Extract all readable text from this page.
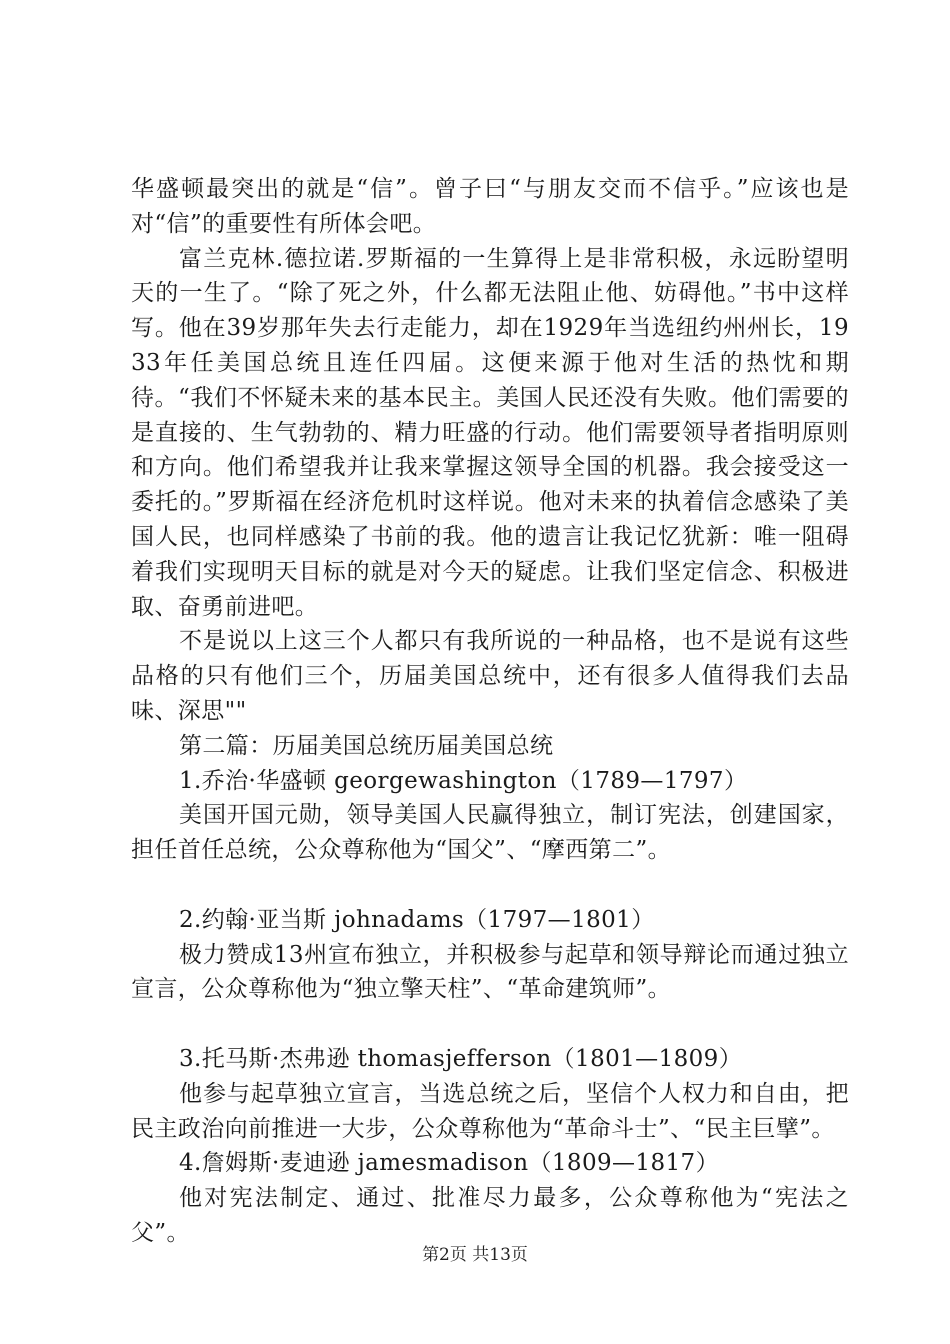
华盛顿最突出的就是“信”。曾子曰“与朋友交而不信乎。”应该也是对“信”的重要性有所体会吧。

富兰克林.德拉诺.罗斯福的一生算得上是非常积极，永远盼望明天的一生了。“除了死之外，什么都无法阻止他、妨碍他。”书中这样写。他在39岁那年失去行走能力，却在1929年当选纽约州州长，1933年任美国总统且连任四届。这便来源于他对生活的热忱和期待。“我们不怀疑未来的基本民主。美国人民还没有失败。他们需要的是直接的、生气勃勃的、精力旺盛的行动。他们需要领导者指明原则和方向。他们希望我并让我来掌握这领导全国的机器。我会接受这一委托的。”罗斯福在经济危机时这样说。他对未来的执着信念感染了美国人民，也同样感染了书前的我。他的遗言让我记忆犹新：唯一阻碍着我们实现明天目标的就是对今天的疑虑。让我们坚定信念、积极进取、奋勇前进吧。

不是说以上这三个人都只有我所说的一种品格，也不是说有这些品格的只有他们三个，历届美国总统中，还有很多人值得我们去品味、深思""

第二篇：历届美国总统历届美国总统

1.乔治·华盛顿 georgewashington（1789—1797）

美国开国元勋，领导美国人民赢得独立，制订宪法，创建国家，担任首任总统，公众尊称他为“国父”、“摩西第二”。

2.约翰·亚当斯 johnadams（1797—1801）

极力赞成13州宣布独立，并积极参与起草和领导辩论而通过独立宣言，公众尊称他为“独立擎天柱”、“革命建筑师”。

3.托马斯·杰弗逊 thomasjefferson（1801—1809）

他参与起草独立宣言，当选总统之后，坚信个人权力和自由，把民主政治向前推进一大步，公众尊称他为“革命斗士”、“民主巨擘”。

4.詹姆斯·麦迪逊 jamesmadison（1809—1817）

他对宪法制定、通过、批准尽力最多，公众尊称他为“宪法之父”。

第2页 共13页
